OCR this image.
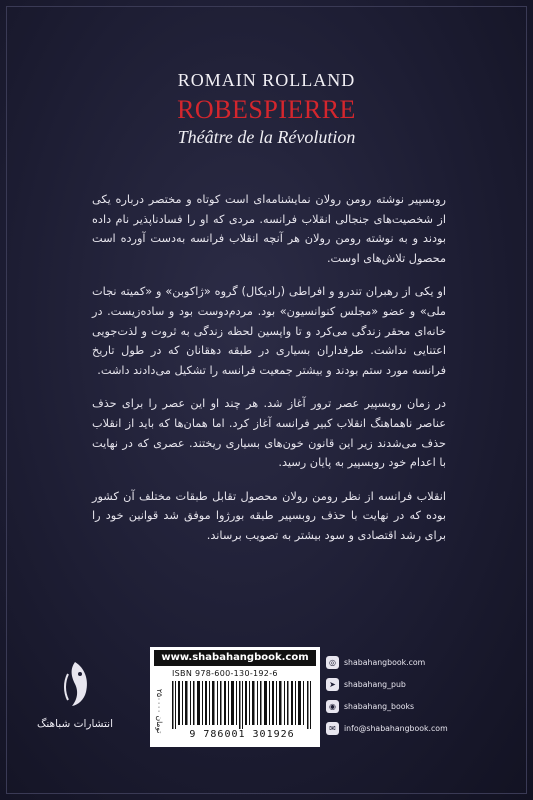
ROMAIN ROLLAND
ROBESPIERRE
Théâtre de la Révolution

روبسپیر نوشته رومن رولان نمایشنامه‌ای است کوتاه و مختصر درباره یکی از شخصیت‌های جنجالی انقلاب فرانسه. مردی که او را فسادناپذیر نام داده بودند و به نوشته رومن رولان هر آنچه انقلاب فرانسه به‌دست آورده است محصول تلاش‌های اوست.

او یکی از رهبران تندرو و افراطی (رادیکال) گروه «ژاکوبن» و «کمیته نجات ملی» و عضو «مجلس کنوانسیون» بود. مردم‌دوست بود و ساده‌زیست. در خانه‌ای محقر زندگی می‌کرد و تا واپسین لحظه زندگی به ثروت و لذت‌جویی اعتنایی نداشت. طرفداران بسیاری در طبقه دهقانان که در طول تاریخ فرانسه مورد ستم بودند و بیشتر جمعیت فرانسه را تشکیل می‌دادند داشت.

در زمان روبسپیر عصر ترور آغاز شد. هر چند او این عصر را برای حذف عناصر ناهماهنگ انقلاب کبیر فرانسه آغاز کرد. اما همان‌ها که باید از انقلاب حذف می‌شدند زیر این قانون خون‌های بسیاری ریختند. عصری که در نهایت با اعدام خود روبسپیر به پایان رسید.

انقلاب فرانسه از نظر رومن رولان محصول تقابل طبقات مختلف آن کشور بوده که در نهایت با حذف روبسپیر طبقه بورژوا موفق شد قوانین خود را برای رشد اقتصادی و سود بیشتر به تصویب برساند.

انتشارات شباهنگ
www.shabahangbook.com
ISBN 978-600-130-192-6
۲۵۰۰۰۰ تومان
9 786001 301926
◎	shabahangbook.com
➤	shabahang_pub
◉	shabahang_books
✉	info@shabahangbook.com
